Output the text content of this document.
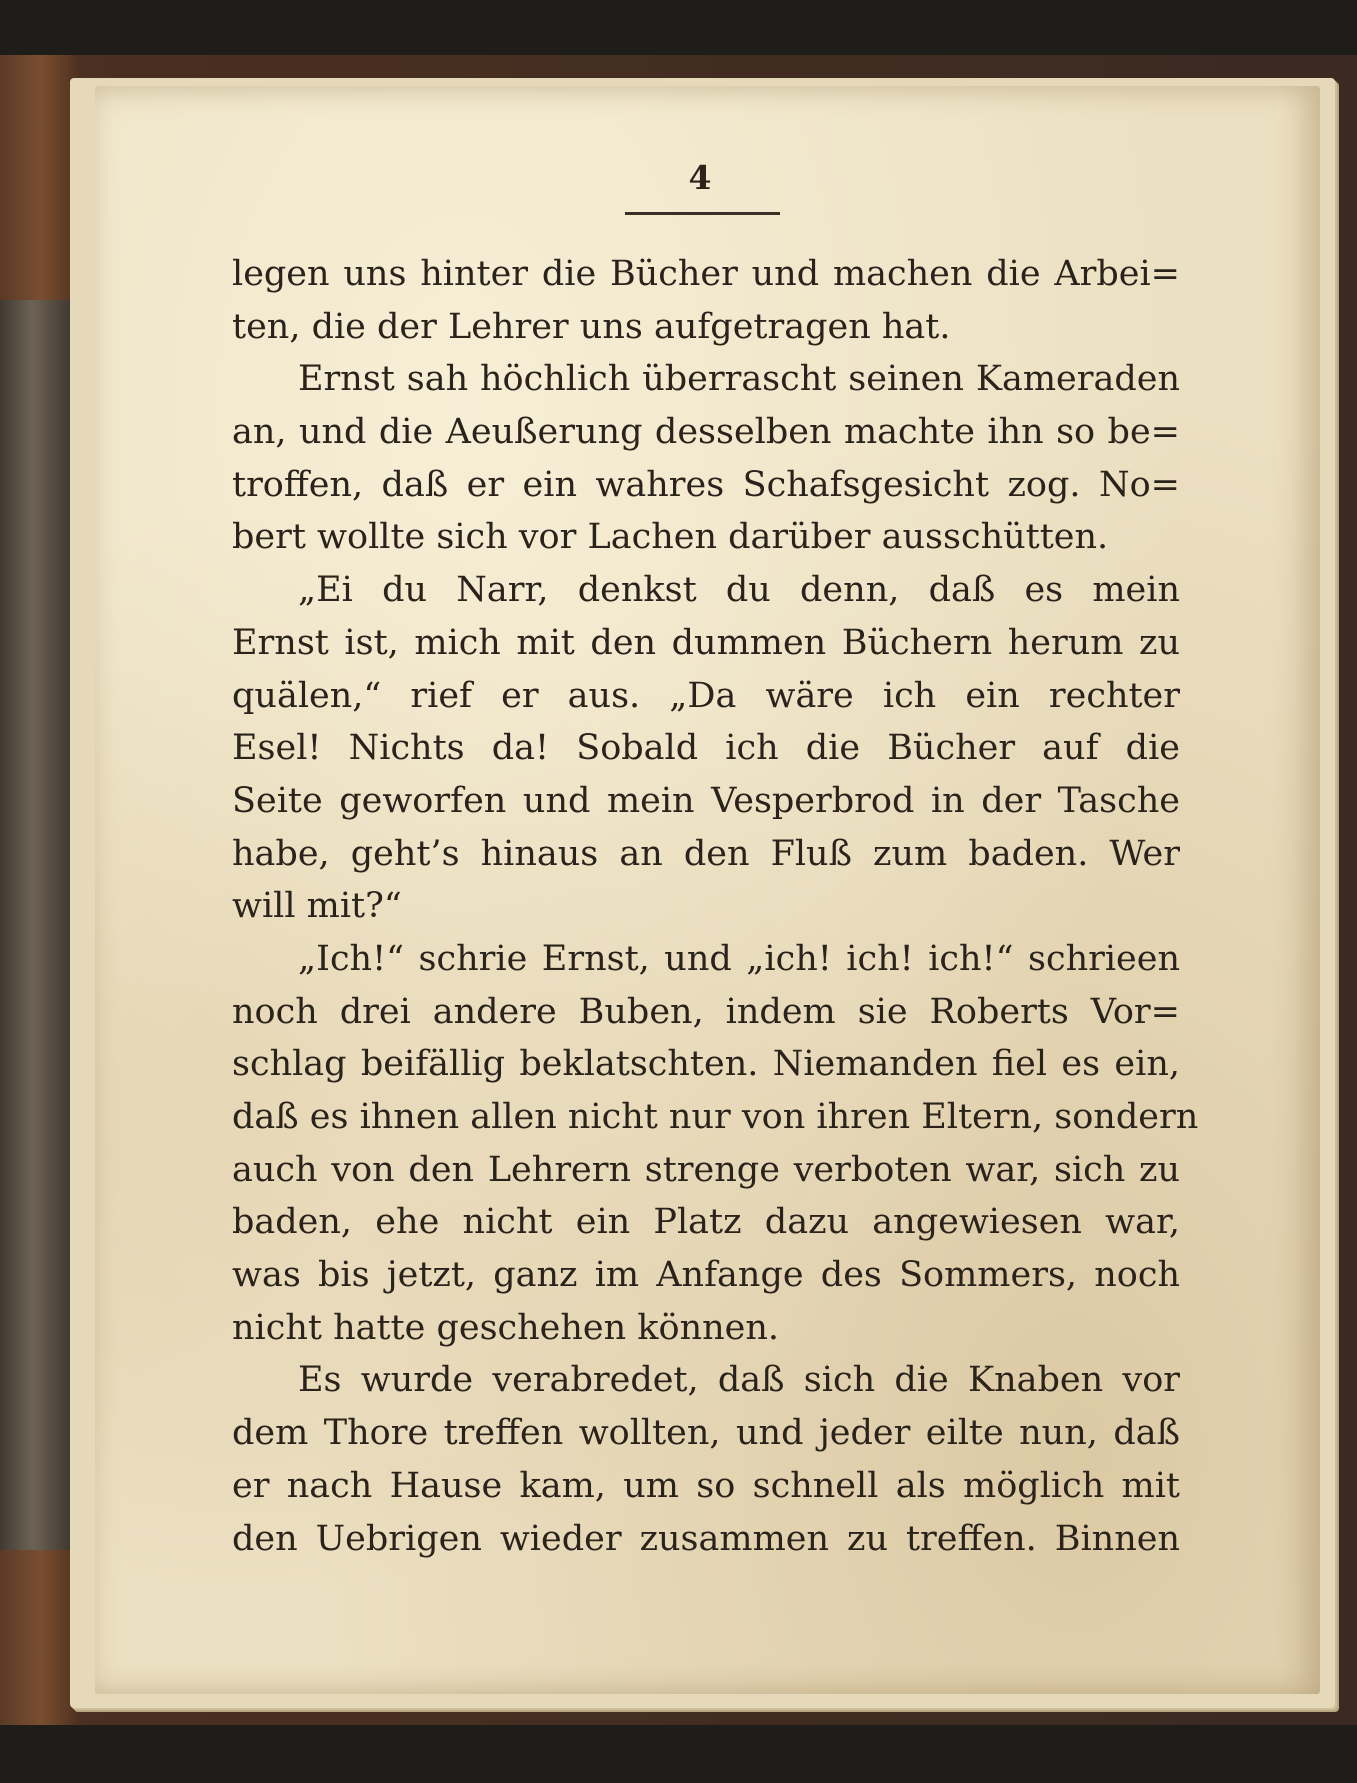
4
legen uns hinter die Bücher und machen die Arbei=
ten, die der Lehrer uns aufgetragen hat.
Ernst sah höchlich überrascht seinen Kameraden
an, und die Aeußerung desselben machte ihn so be=
troffen, daß er ein wahres Schafsgesicht zog. No=
bert wollte sich vor Lachen darüber ausschütten.
„Ei du Narr, denkst du denn, daß es mein
Ernst ist, mich mit den dummen Büchern herum zu
quälen,“ rief er aus. „Da wäre ich ein rechter
Esel! Nichts da! Sobald ich die Bücher auf die
Seite geworfen und mein Vesperbrod in der Tasche
habe, geht’s hinaus an den Fluß zum baden. Wer
will mit?“
„Ich!“ schrie Ernst, und „ich! ich! ich!“ schrieen
noch drei andere Buben, indem sie Roberts Vor=
schlag beifällig beklatschten. Niemanden fiel es ein,
daß es ihnen allen nicht nur von ihren Eltern, sondern
auch von den Lehrern strenge verboten war, sich zu
baden, ehe nicht ein Platz dazu angewiesen war,
was bis jetzt, ganz im Anfange des Sommers, noch
nicht hatte geschehen können.
Es wurde verabredet, daß sich die Knaben vor
dem Thore treffen wollten, und jeder eilte nun, daß
er nach Hause kam, um so schnell als möglich mit
den Uebrigen wieder zusammen zu treffen. Binnen
